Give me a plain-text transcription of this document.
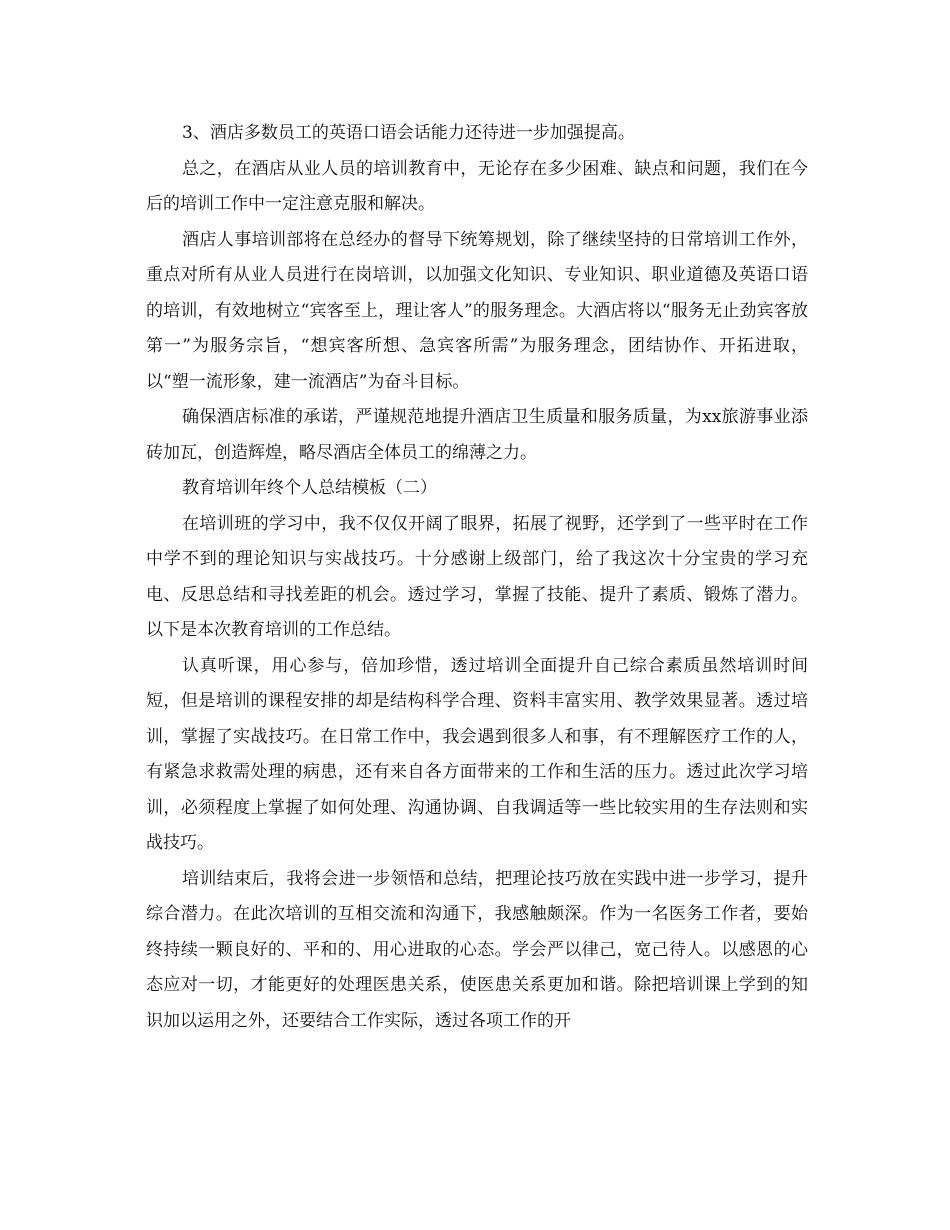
3、酒店多数员工的英语口语会话能力还待进一步加强提高。

总之，在酒店从业人员的培训教育中，无论存在多少困难、缺点和问题，我们在今后的培训工作中一定注意克服和解决。

酒店人事培训部将在总经办的督导下统筹规划，除了继续坚持的日常培训工作外，重点对所有从业人员进行在岗培训，以加强文化知识、专业知识、职业道德及英语口语的培训，有效地树立“宾客至上，理让客人”的服务理念。大酒店将以“服务无止劲宾客放第一”为服务宗旨，“想宾客所想、急宾客所需”为服务理念，团结协作、开拓进取，以“塑一流形象，建一流酒店”为奋斗目标。

确保酒店标准的承诺，严谨规范地提升酒店卫生质量和服务质量，为xx旅游事业添砖加瓦，创造辉煌，略尽酒店全体员工的绵薄之力。

教育培训年终个人总结模板（二）

在培训班的学习中，我不仅仅开阔了眼界，拓展了视野，还学到了一些平时在工作中学不到的理论知识与实战技巧。十分感谢上级部门，给了我这次十分宝贵的学习充电、反思总结和寻找差距的机会。透过学习，掌握了技能、提升了素质、锻炼了潜力。以下是本次教育培训的工作总结。

认真听课，用心参与，倍加珍惜，透过培训全面提升自己综合素质虽然培训时间短，但是培训的课程安排的却是结构科学合理、资料丰富实用、教学效果显著。透过培训，掌握了实战技巧。在日常工作中，我会遇到很多人和事，有不理解医疗工作的人，有紧急求救需处理的病患，还有来自各方面带来的工作和生活的压力。透过此次学习培训，必须程度上掌握了如何处理、沟通协调、自我调适等一些比较实用的生存法则和实战技巧。

培训结束后，我将会进一步领悟和总结，把理论技巧放在实践中进一步学习，提升综合潜力。在此次培训的互相交流和沟通下，我感触颇深。作为一名医务工作者，要始终持续一颗良好的、平和的、用心进取的心态。学会严以律己，宽己待人。以感恩的心态应对一切，才能更好的处理医患关系，使医患关系更加和谐。除把培训课上学到的知识加以运用之外，还要结合工作实际，透过各项工作的开
